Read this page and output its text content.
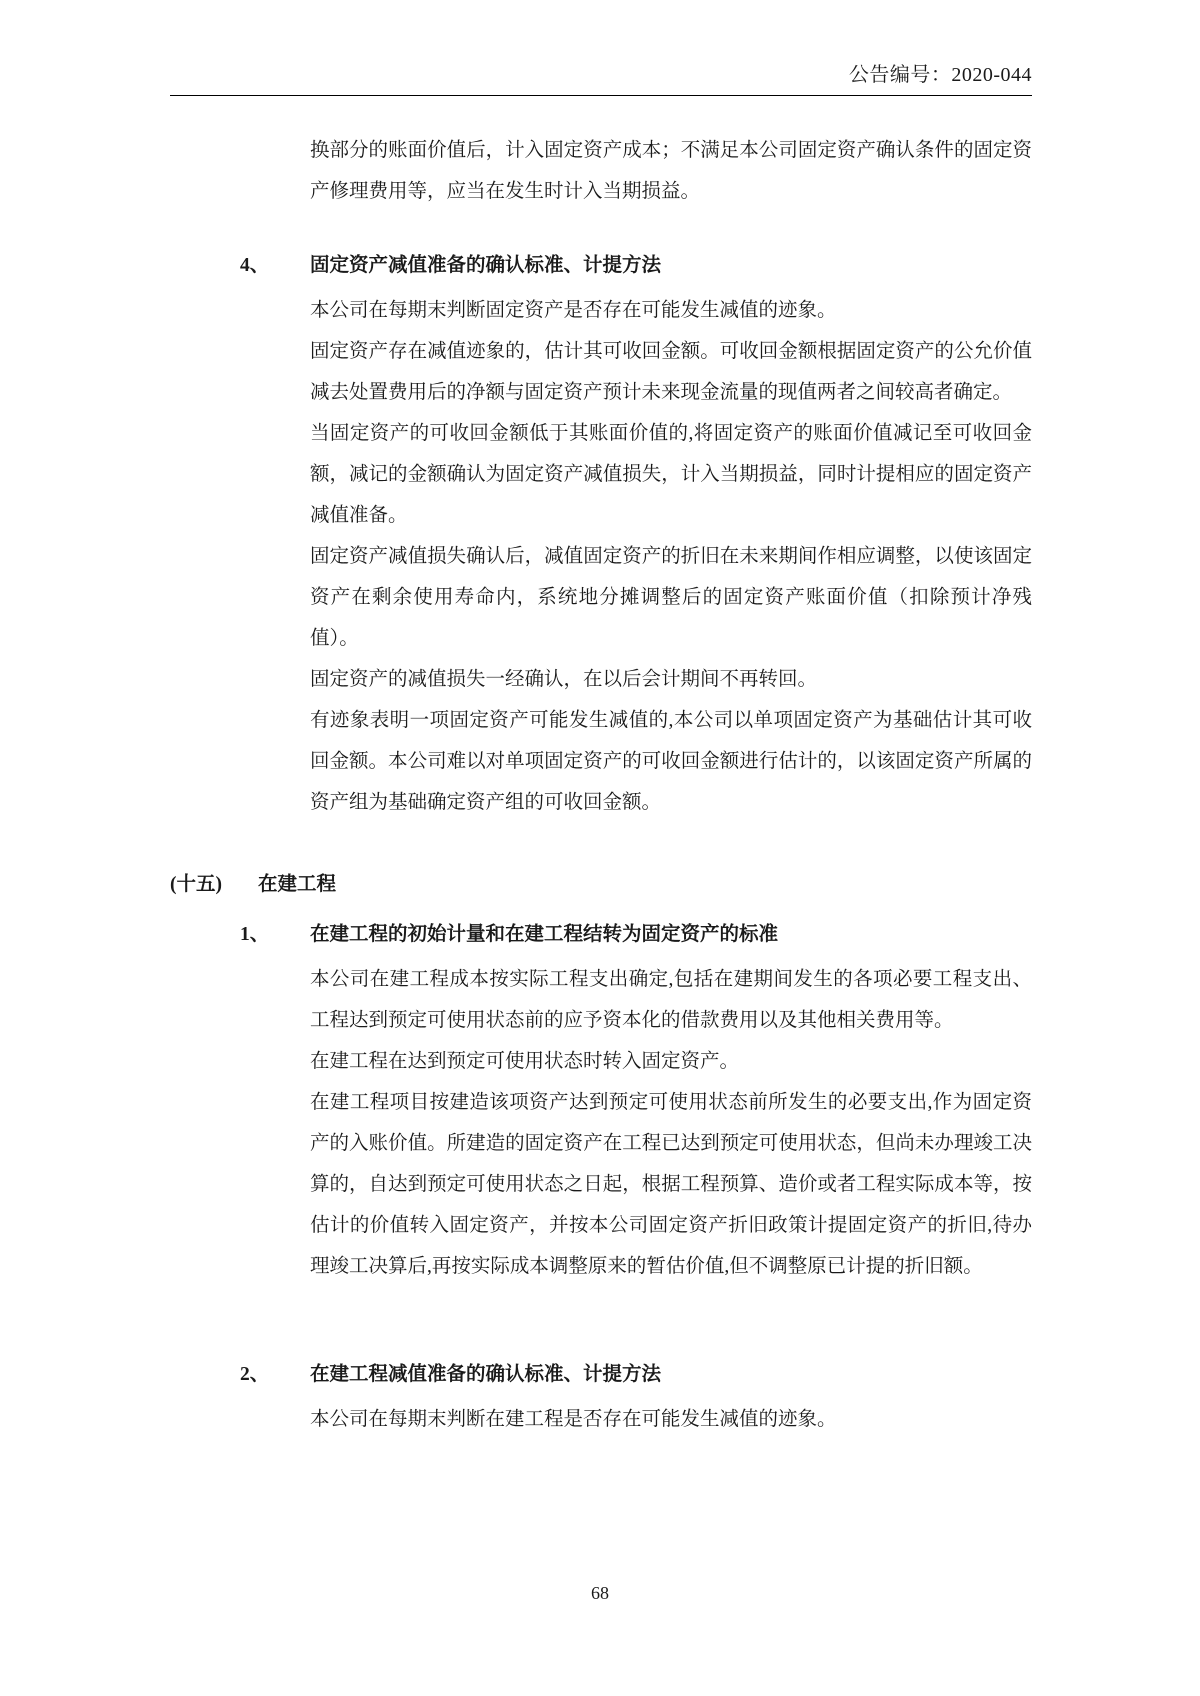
公告编号：2020-044

换部分的账面价值后，计入固定资产成本；不满足本公司固定资产确认条件的固定资产修理费用等，应当在发生时计入当期损益。

4、	固定资产减值准备的确认标准、计提方法

本公司在每期末判断固定资产是否存在可能发生减值的迹象。

固定资产存在减值迹象的，估计其可收回金额。可收回金额根据固定资产的公允价值减去处置费用后的净额与固定资产预计未来现金流量的现值两者之间较高者确定。

当固定资产的可收回金额低于其账面价值的,将固定资产的账面价值减记至可收回金额，减记的金额确认为固定资产减值损失，计入当期损益，同时计提相应的固定资产减值准备。

固定资产减值损失确认后，减值固定资产的折旧在未来期间作相应调整，以使该固定资产在剩余使用寿命内，系统地分摊调整后的固定资产账面价值（扣除预计净残值）。

固定资产的减值损失一经确认，在以后会计期间不再转回。

有迹象表明一项固定资产可能发生减值的,本公司以单项固定资产为基础估计其可收回金额。本公司难以对单项固定资产的可收回金额进行估计的，以该固定资产所属的资产组为基础确定资产组的可收回金额。

(十五)	在建工程
1、	在建工程的初始计量和在建工程结转为固定资产的标准

本公司在建工程成本按实际工程支出确定,包括在建期间发生的各项必要工程支出、工程达到预定可使用状态前的应予资本化的借款费用以及其他相关费用等。

在建工程在达到预定可使用状态时转入固定资产。

在建工程项目按建造该项资产达到预定可使用状态前所发生的必要支出,作为固定资产的入账价值。所建造的固定资产在工程已达到预定可使用状态，但尚未办理竣工决算的，自达到预定可使用状态之日起，根据工程预算、造价或者工程实际成本等，按估计的价值转入固定资产，并按本公司固定资产折旧政策计提固定资产的折旧,待办理竣工决算后,再按实际成本调整原来的暂估价值,但不调整原已计提的折旧额。

2、	在建工程减值准备的确认标准、计提方法

本公司在每期末判断在建工程是否存在可能发生减值的迹象。

68
